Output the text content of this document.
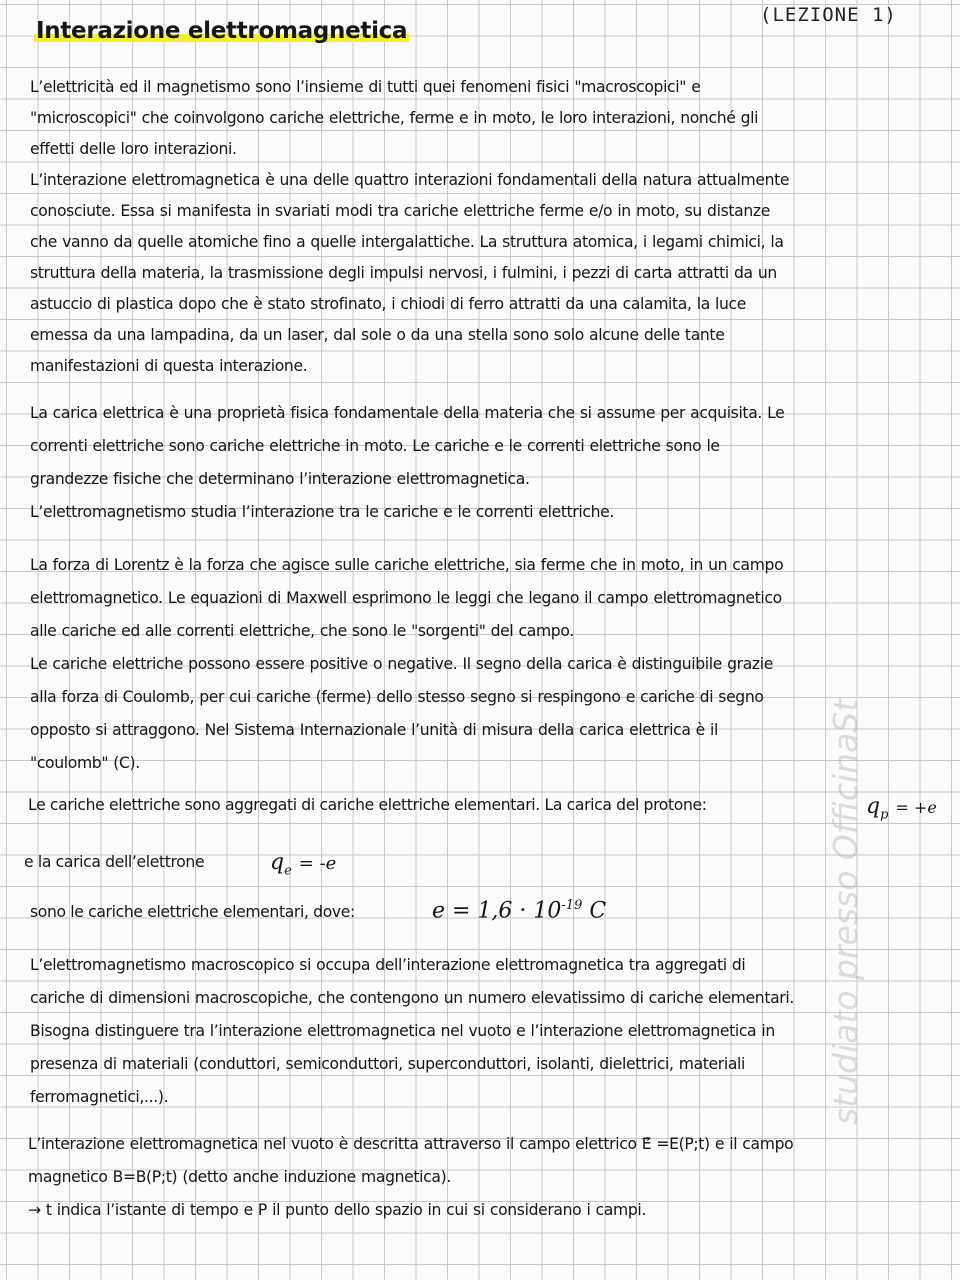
Interazione elettromagnetica
(LEZIONE 1)
L’elettricità ed il magnetismo sono l’insieme di tutti quei fenomeni fisici "macroscopici" e
"microscopici" che coinvolgono cariche elettriche, ferme e in moto, le loro interazioni, nonché gli
effetti delle loro interazioni.
L’interazione elettromagnetica è una delle quattro interazioni fondamentali della natura attualmente
conosciute. Essa si manifesta in svariati modi tra cariche elettriche ferme e/o in moto, su distanze
che vanno da quelle atomiche fino a quelle intergalattiche. La struttura atomica, i legami chimici, la
struttura della materia, la trasmissione degli impulsi nervosi, i fulmini, i pezzi di carta attratti da un
astuccio di plastica dopo che è stato strofinato, i chiodi di ferro attratti da una calamita, la luce
emessa da una lampadina, da un laser, dal sole o da una stella sono solo alcune delle tante
manifestazioni di questa interazione.
La carica elettrica è una proprietà fisica fondamentale della materia che si assume per acquisita. Le
correnti elettriche sono cariche elettriche in moto. Le cariche e le correnti elettriche sono le
grandezze fisiche che determinano l’interazione elettromagnetica.
L’elettromagnetismo studia l’interazione tra le cariche e le correnti elettriche.
La forza di Lorentz è la forza che agisce sulle cariche elettriche, sia ferme che in moto, in un campo
elettromagnetico. Le equazioni di Maxwell esprimono le leggi che legano il campo elettromagnetico
alle cariche ed alle correnti elettriche, che sono le "sorgenti" del campo.
Le cariche elettriche possono essere positive o negative. Il segno della carica è distinguibile grazie
alla forza di Coulomb, per cui cariche (ferme) dello stesso segno si respingono e cariche di segno
opposto si attraggono. Nel Sistema Internazionale l’unità di misura della carica elettrica è il
"coulomb" (C).
Le cariche elettriche sono aggregati di cariche elettriche elementari. La carica del protone:	$q_p = +e$
e la carica dell’elettrone	$q_e = -e$
sono le cariche elettriche elementari, dove:	$e = 1,6 \cdot 10^{-19}$ C
L’elettromagnetismo macroscopico si occupa dell’interazione elettromagnetica tra aggregati di
cariche di dimensioni macroscopiche, che contengono un numero elevatissimo di cariche elementari.
Bisogna distinguere tra l’interazione elettromagnetica nel vuoto e l’interazione elettromagnetica in
presenza di materiali (conduttori, semiconduttori, superconduttori, isolanti, dielettrici, materiali
ferromagnetici,...).
L’interazione elettromagnetica nel vuoto è descritta attraverso il campo elettrico → E =E(P;t) e il campo
magnetico B=B(P;t) (detto anche induzione magnetica).
→ t indica l’istante di tempo e P il punto dello spazio in cui si considerano i campi.
studiato presso OfficinaSt
